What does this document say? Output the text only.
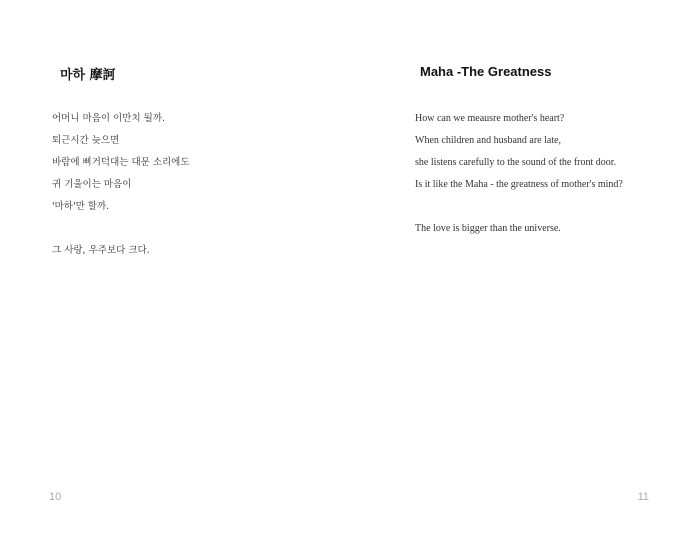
마하 摩訶
어머니 마음이 이만치 될까.
퇴근시간 늦으면
바람에 삐거덕대는 대문 소리에도
귀 기울이는 마음이
'마하'만 할까.
그 사랑, 우주보다 크다.
10
Maha -The Greatness
How can we meausre mother's heart?
When children and husband are late,
she listens carefully to the sound of the front door.
Is it like the Maha - the greatness of mother's mind?
The love is bigger than the universe.
11
